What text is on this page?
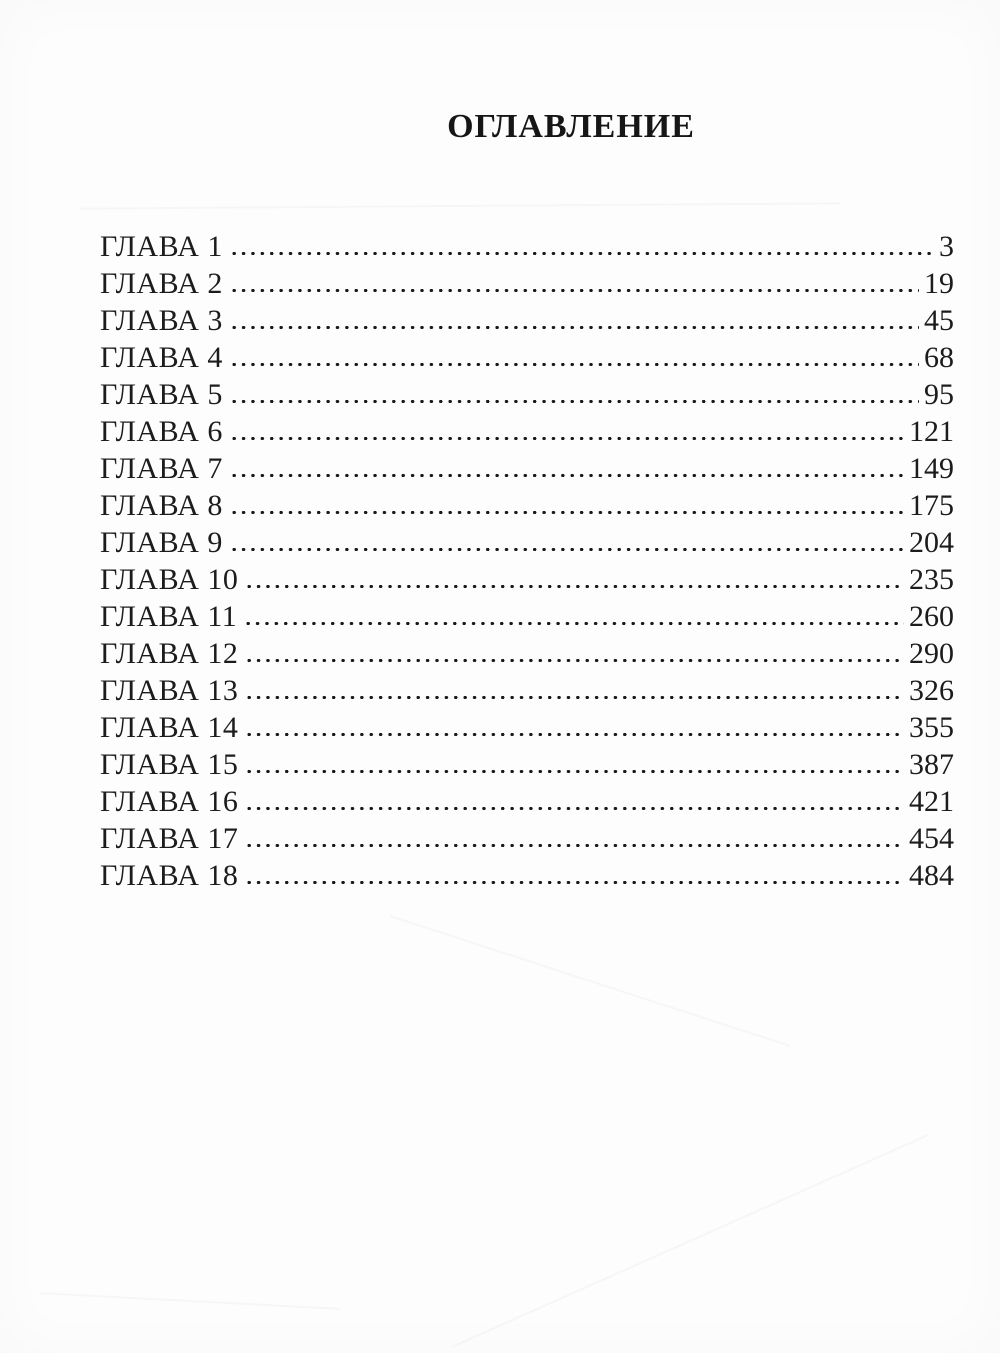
ОГЛАВЛЕНИЕ
ГЛАВА 1	3
ГЛАВА 2	19
ГЛАВА 3	45
ГЛАВА 4	68
ГЛАВА 5	95
ГЛАВА 6	121
ГЛАВА 7	149
ГЛАВА 8	175
ГЛАВА 9	204
ГЛАВА 10	235
ГЛАВА 11	260
ГЛАВА 12	290
ГЛАВА 13	326
ГЛАВА 14	355
ГЛАВА 15	387
ГЛАВА 16	421
ГЛАВА 17	454
ГЛАВА 18	484
